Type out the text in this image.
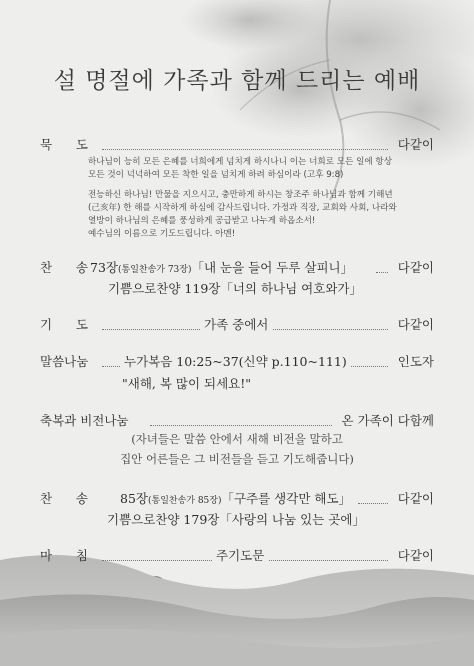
설 명절에 가족과 함께 드리는 예배
묵      도	다같이

하나님이 능히 모든 은혜를 너희에게 넘치게 하시나니 이는 너희로 모든 일에 항상

모든 것이 넉넉하여 모든 착한 일을 넘치게 하려 하심이라 (고후 9:8)

전능하신 하나님! 만물을 지으시고, 충만하게 하시는 창조주 하나님과 함께 기해년

(己亥年) 한 해를 시작하게 하심에 감사드립니다. 가정과 직장, 교회와 사회, 나라와

열방이 하나님의 은혜를 풍성하게 공급받고 나누게 하옵소서!

예수님의 이름으로 기도드립니다. 아멘!

찬      송 73장(통일찬송가 73장)「내 눈을 들어 두루 살피니」	다같이
기쁨으로찬양 119장「너의 하나님 여호와가」
기      도	가족 중에서	다같이
말씀나눔	누가복음 10:25~37(신약 p.110~111)	인도자
"새해, 복 많이 되세요!"
축복과 비전나눔	온 가족이 다함께
(자녀들은 말씀 안에서 새해 비전을 말하고
집안 어른들은 그 비전들을 듣고 기도해줍니다)
찬      송	85장(통일찬송가 85장)「구주를 생각만 해도」	다같이
기쁨으로찬양 179장「사랑의 나눔 있는 곳에」
마      침	주기도문	다같이
